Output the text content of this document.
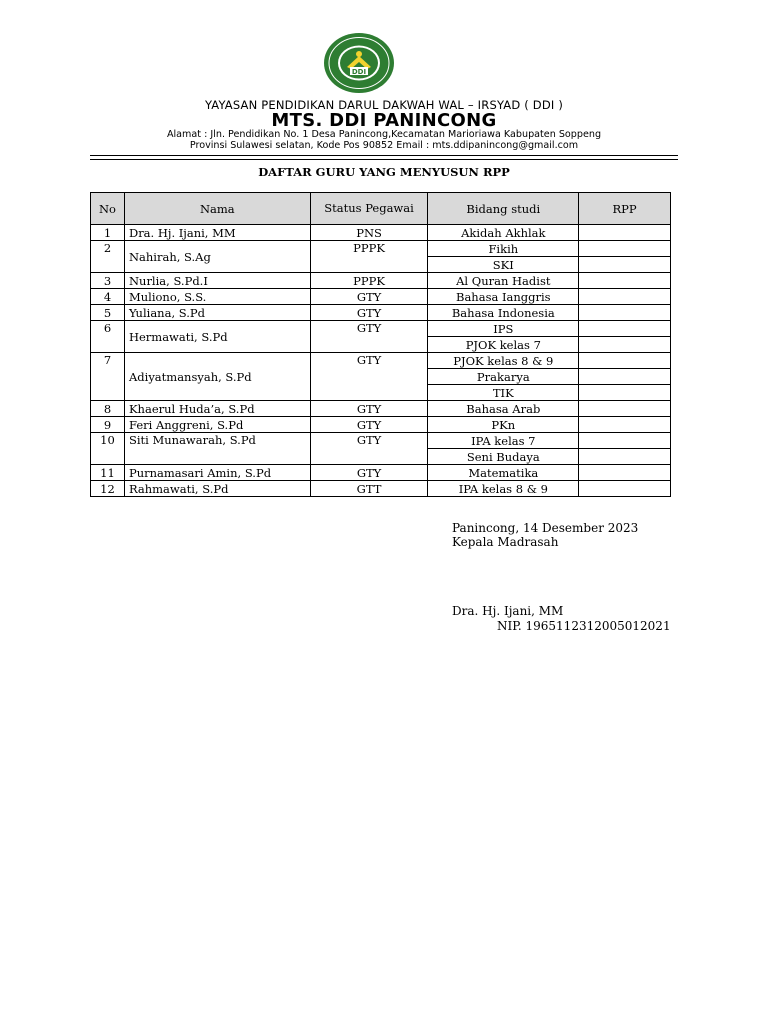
DDI
YAYASAN PENDIDIKAN DARUL DAKWAH WAL – IRSYAD ( DDI )
MTS. DDI PANINCONG
Alamat : Jln. Pendidikan No. 1 Desa Panincong,Kecamatan Marioriawa Kabupaten Soppeng
Provinsi Sulawesi selatan, Kode Pos 90852 Email : mts.ddipanincong@gmail.com
DAFTAR GURU YANG MENYUSUN RPP
No	Nama	Status Pegawai	Bidang studi	RPP
1	Dra. Hj. Ijani, MM	PNS	Akidah Akhlak	
2	Nahirah, S.Ag	PPPK	Fikih	
			SKI	
3	Nurlia, S.Pd.I	PPPK	Al Quran Hadist	
4	Muliono, S.S.	GTY	Bahasa Ianggris	
5	Yuliana, S.Pd	GTY	Bahasa Indonesia	
6	Hermawati, S.Pd	GTY	IPS	
			PJOK kelas 7	
7	Adiyatmansyah, S.Pd	GTY	PJOK kelas 8 & 9	
			Prakarya	
			TIK	
8	Khaerul Huda’a, S.Pd	GTY	Bahasa Arab	
9	Feri Anggreni, S.Pd	GTY	PKn	
10	Siti Munawarah, S.Pd	GTY	IPA kelas 7	
			Seni Budaya	
11	Purnamasari Amin, S.Pd	GTY	Matematika	
12	Rahmawati, S.Pd	GTT	IPA kelas 8 & 9	
Panincong, 14 Desember 2023
Kepala Madrasah
Dra. Hj. Ijani, MM
NIP. 196511231200501202​1
